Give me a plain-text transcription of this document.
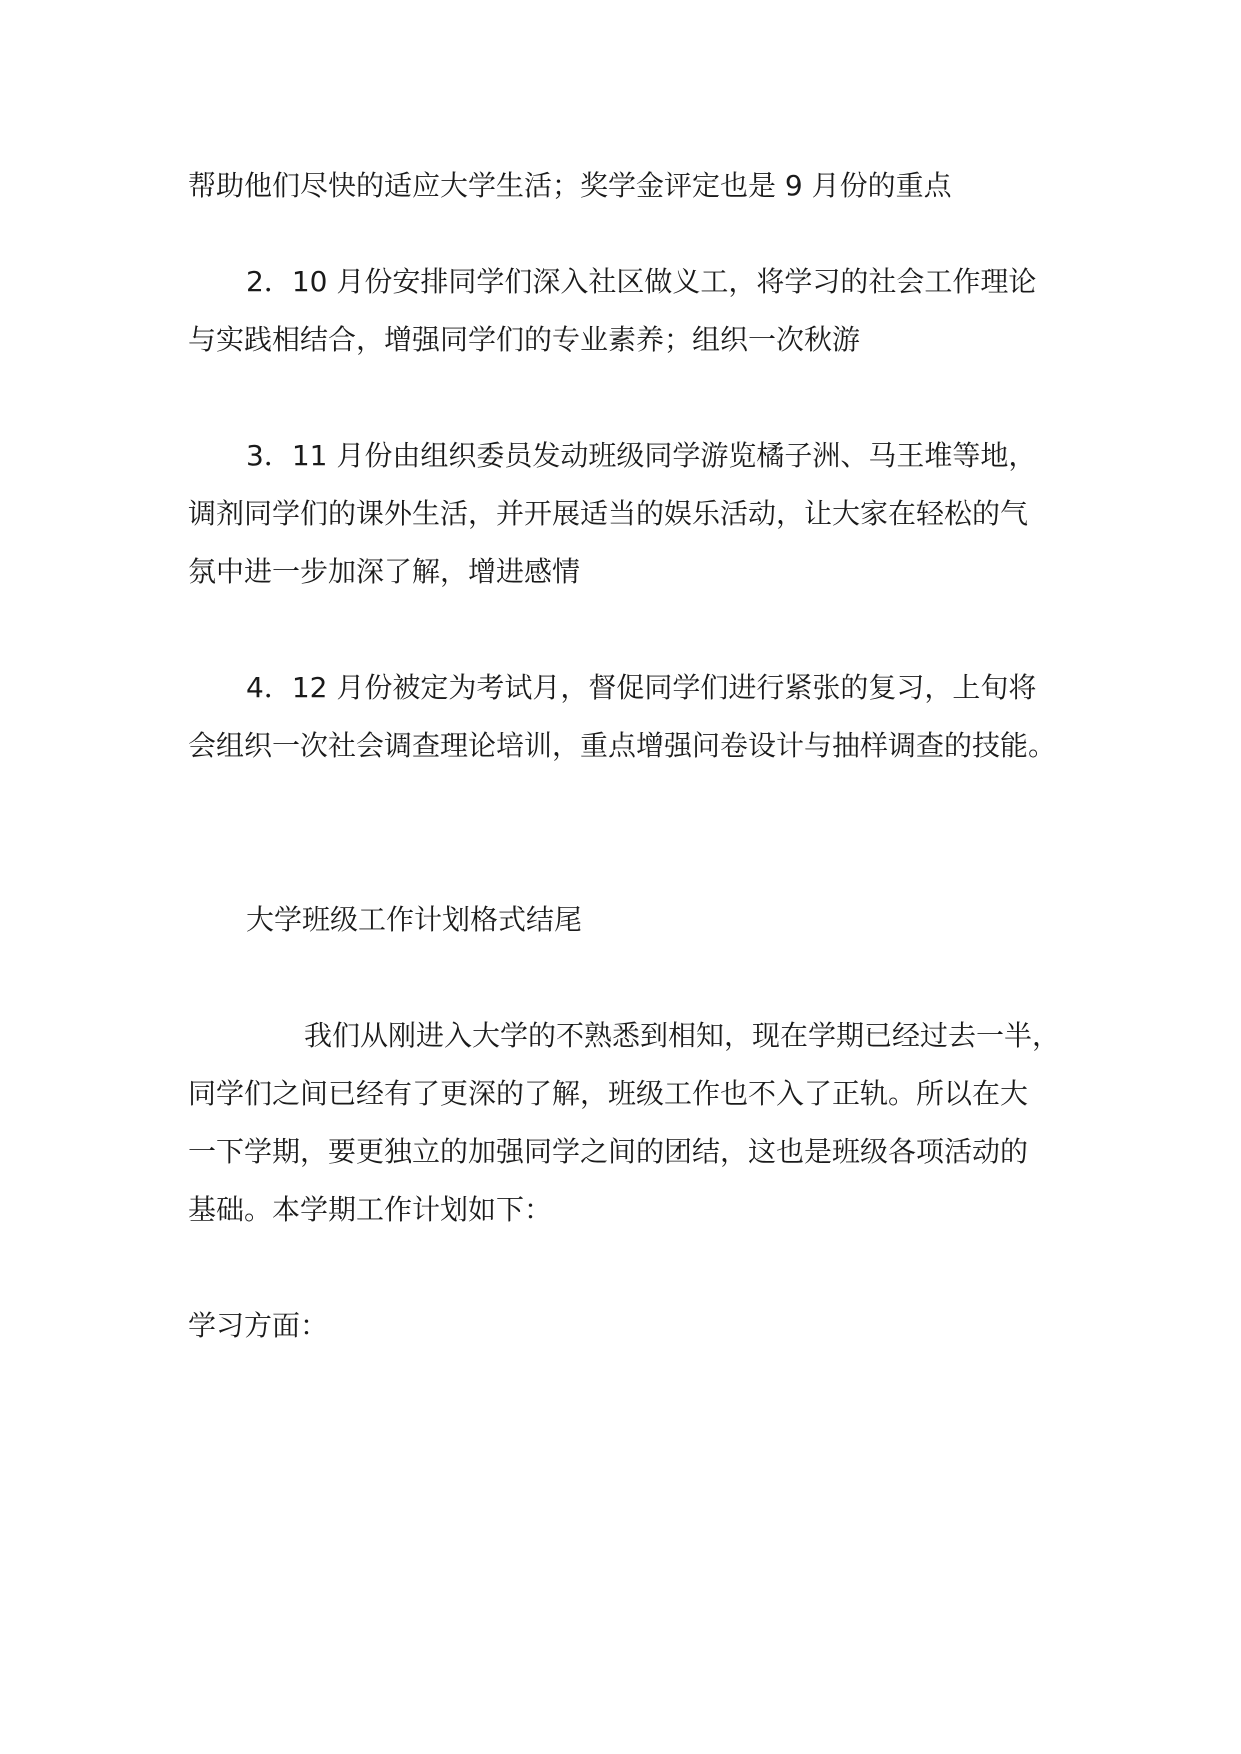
帮助他们尽快的适应大学生活；奖学金评定也是 9 月份的重点
2．10 月份安排同学们深入社区做义工，将学习的社会工作理论
与实践相结合，增强同学们的专业素养；组织一次秋游
3．11 月份由组织委员发动班级同学游览橘子洲、马王堆等地，
调剂同学们的课外生活，并开展适当的娱乐活动，让大家在轻松的气
氛中进一步加深了解，增进感情
4．12 月份被定为考试月，督促同学们进行紧张的复习，上旬将
会组织一次社会调查理论培训，重点增强问卷设计与抽样调查的技能。
大学班级工作计划格式结尾
我们从刚进入大学的不熟悉到相知，现在学期已经过去一半，
同学们之间已经有了更深的了解，班级工作也不入了正轨。所以在大
一下学期，要更独立的加强同学之间的团结，这也是班级各项活动的
基础。本学期工作计划如下：
学习方面：
